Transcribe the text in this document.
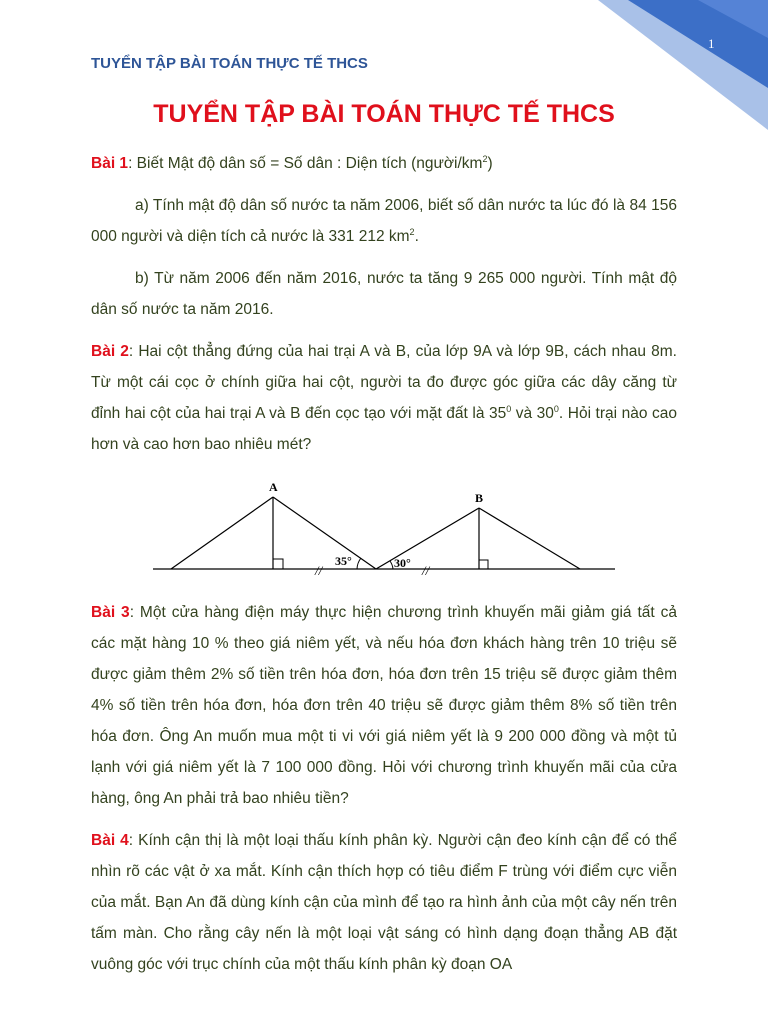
1
TUYỂN TẬP BÀI TOÁN THỰC TẾ THCS
TUYỂN TẬP BÀI TOÁN THỰC TẾ THCS

Bài 1: Biết Mật độ dân số = Số dân : Diện tích $(người/km^2)$

a) Tính mật độ dân số nước ta năm 2006, biết số dân nước ta lúc đó là 84 156 000 người và diện tích cả nước là 331 212 $km^2$.

b) Từ năm 2006 đến năm 2016, nước ta tăng 9 265 000 người. Tính mật độ dân số nước ta năm 2016.

Bài 2: Hai cột thẳng đứng của hai trại A và B, của lớp 9A và lớp 9B, cách nhau 8m. Từ một cái cọc ở chính giữa hai cột, người ta đo được góc giữa các dây căng từ đỉnh hai cột của hai trại A và B đến cọc tạo với mặt đất là $35^0$ và $30^0$. Hỏi trại nào cao hơn và cao hơn bao nhiêu mét?

A
B
35°	30°
//	//

Bài 3: Một cửa hàng điện máy thực hiện chương trình khuyến mãi giảm giá tất cả các mặt hàng 10 % theo giá niêm yết, và nếu hóa đơn khách hàng trên 10 triệu sẽ được giảm thêm 2% số tiền trên hóa đơn, hóa đơn trên 15 triệu sẽ được giảm thêm 4% số tiền trên hóa đơn, hóa đơn trên 40 triệu sẽ được giảm thêm 8% số tiền trên hóa đơn. Ông An muốn mua một ti vi với giá niêm yết là 9 200 000 đồng và một tủ lạnh với giá niêm yết là 7 100 000 đồng. Hỏi với chương trình khuyến mãi của cửa hàng, ông An phải trả bao nhiêu tiền?

Bài 4: Kính cận thị là một loại thấu kính phân kỳ. Người cận đeo kính cận để có thể nhìn rõ các vật ở xa mắt. Kính cận thích hợp có tiêu điểm F trùng với điểm cực viễn của mắt. Bạn An đã dùng kính cận của mình để tạo ra hình ảnh của một cây nến trên tấm màn. Cho rằng cây nến là một loại vật sáng có hình dạng đoạn thẳng AB đặt vuông góc với trục chính của một thấu kính phân kỳ đoạn OA
